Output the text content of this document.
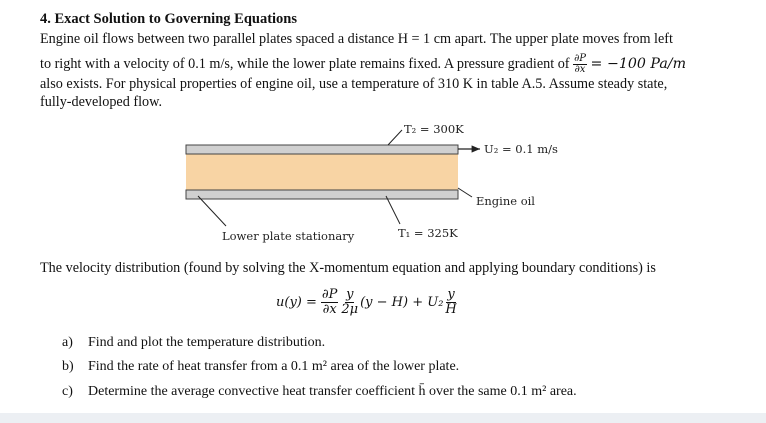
4. Exact Solution to Governing Equations
Engine oil flows between two parallel plates spaced a distance H = 1 cm apart. The upper plate moves from left
to right with a velocity of 0.1 m/s, while the lower plate remains fixed. A pressure gradient of $\frac{\partial P}{\partial x} = -100$ Pa/m
also exists. For physical properties of engine oil, use a temperature of 310 K in table A.5. Assume steady state,
fully-developed flow.
T₂ = 300K
U₂ = 0.1 m/s
Engine oil
Lower plate stationary	T₁ = 325K
The velocity distribution (found by solving the X-momentum equation and applying boundary conditions) is
$u(y) = \frac{\partial P}{\partial x} \frac{y}{2\mu} (y - H) + U_2 \frac{y}{H}$
a) Find and plot the temperature distribution.
b) Find the rate of heat transfer from a 0.1 m² area of the lower plate.
c) Determine the average convective heat transfer coefficient h̄ over the same 0.1 m² area.
